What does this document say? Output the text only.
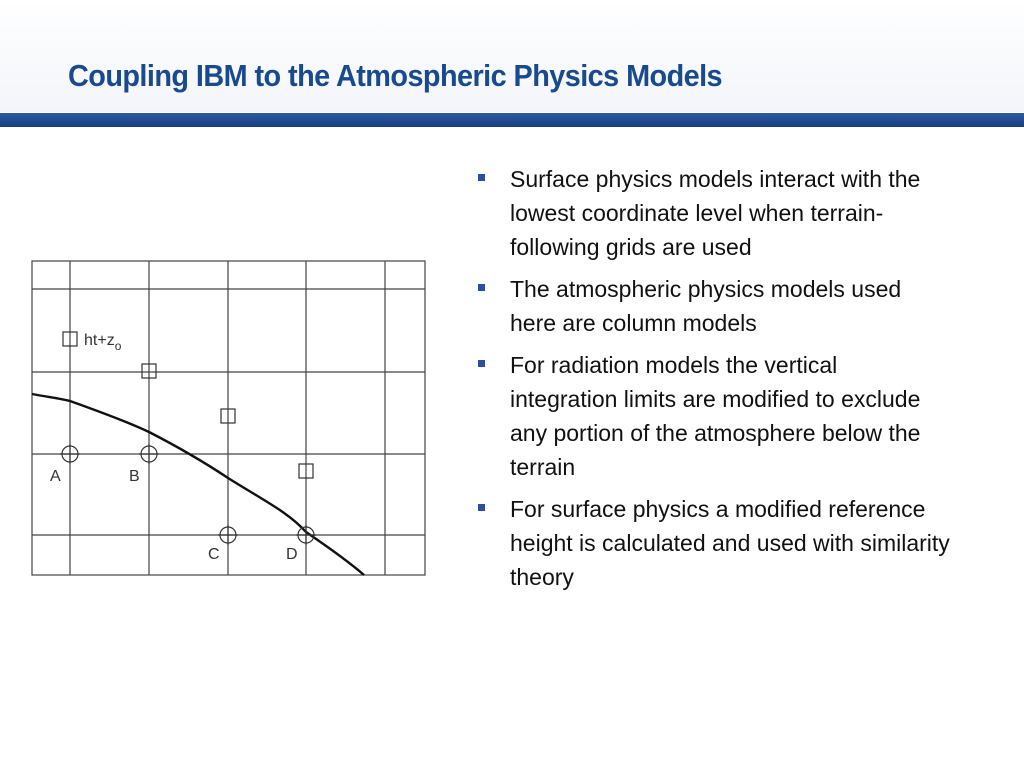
Coupling IBM to the Atmospheric Physics Models
$ht+z_o$
A	B
C	D
Surface physics models interact with the lowest coordinate level when terrain-following grids are used
The atmospheric physics models used here are column models
For radiation models the vertical integration limits are modified to exclude any portion of the atmosphere below the terrain
For surface physics a modified reference height is calculated and used with similarity theory
